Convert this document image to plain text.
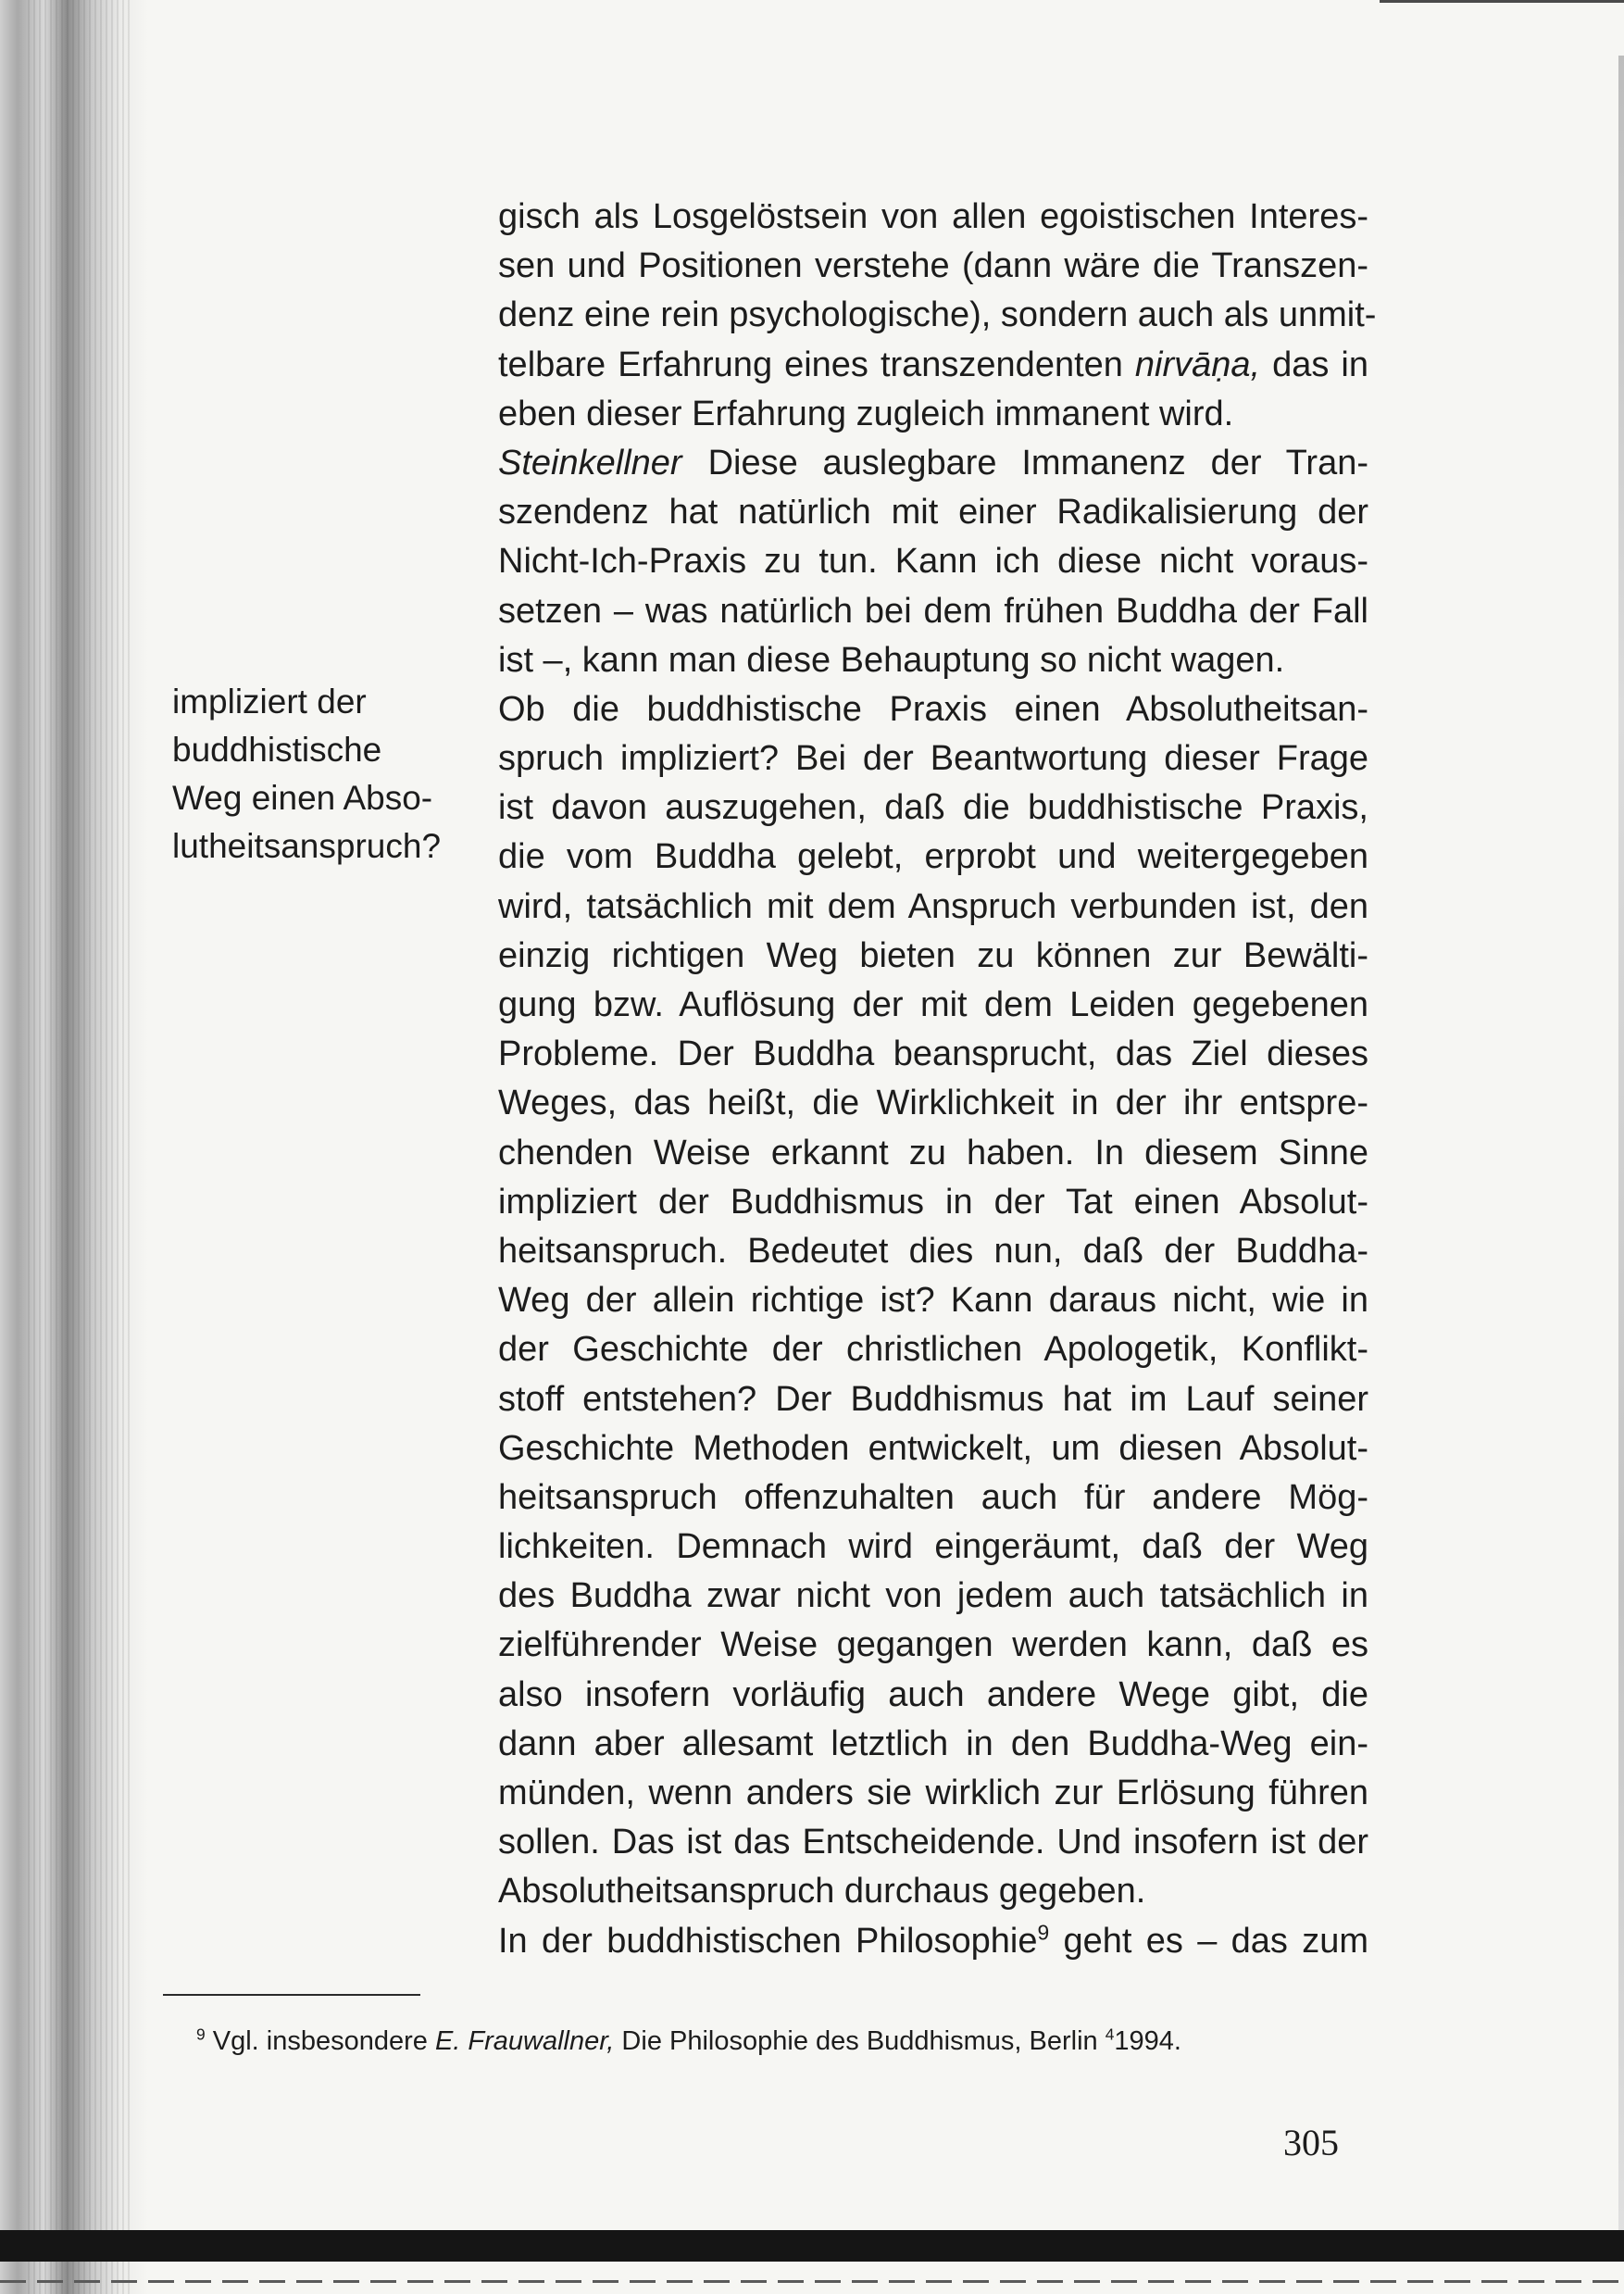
gisch als Losgelöstsein von allen egoistischen Interes-
sen und Positionen verstehe (dann wäre die Transzen-
denz eine rein psychologische), sondern auch als unmit-
telbare Erfahrung eines transzendenten nirvāṇa, das in
eben dieser Erfahrung zugleich immanent wird.
Steinkellner Diese auslegbare Immanenz der Tran-
szendenz hat natürlich mit einer Radikalisierung der
Nicht-Ich-Praxis zu tun. Kann ich diese nicht voraus-
setzen – was natürlich bei dem frühen Buddha der Fall
ist –, kann man diese Behauptung so nicht wagen.
Ob die buddhistische Praxis einen Absolutheitsan-
spruch impliziert? Bei der Beantwortung dieser Frage
ist davon auszugehen, daß die buddhistische Praxis,
die vom Buddha gelebt, erprobt und weitergegeben
wird, tatsächlich mit dem Anspruch verbunden ist, den
einzig richtigen Weg bieten zu können zur Bewälti-
gung bzw. Auflösung der mit dem Leiden gegebenen
Probleme. Der Buddha beansprucht, das Ziel dieses
Weges, das heißt, die Wirklichkeit in der ihr entspre-
chenden Weise erkannt zu haben. In diesem Sinne
impliziert der Buddhismus in der Tat einen Absolut-
heitsanspruch. Bedeutet dies nun, daß der Buddha-
Weg der allein richtige ist? Kann daraus nicht, wie in
der Geschichte der christlichen Apologetik, Konflikt-
stoff entstehen? Der Buddhismus hat im Lauf seiner
Geschichte Methoden entwickelt, um diesen Absolut-
heitsanspruch offenzuhalten auch für andere Mög-
lichkeiten. Demnach wird eingeräumt, daß der Weg
des Buddha zwar nicht von jedem auch tatsächlich in
zielführender Weise gegangen werden kann, daß es
also insofern vorläufig auch andere Wege gibt, die
dann aber allesamt letztlich in den Buddha-Weg ein-
münden, wenn anders sie wirklich zur Erlösung führen
sollen. Das ist das Entscheidende. Und insofern ist der
Absolutheitsanspruch durchaus gegeben.
In der buddhistischen Philosophie$^9$ geht es – das zum
impliziert der
buddhistische
Weg einen Abso-
lutheitsanspruch?
$^9$ Vgl. insbesondere E. Frauwallner, Die Philosophie des Buddhismus, Berlin $^4$1994.
305
